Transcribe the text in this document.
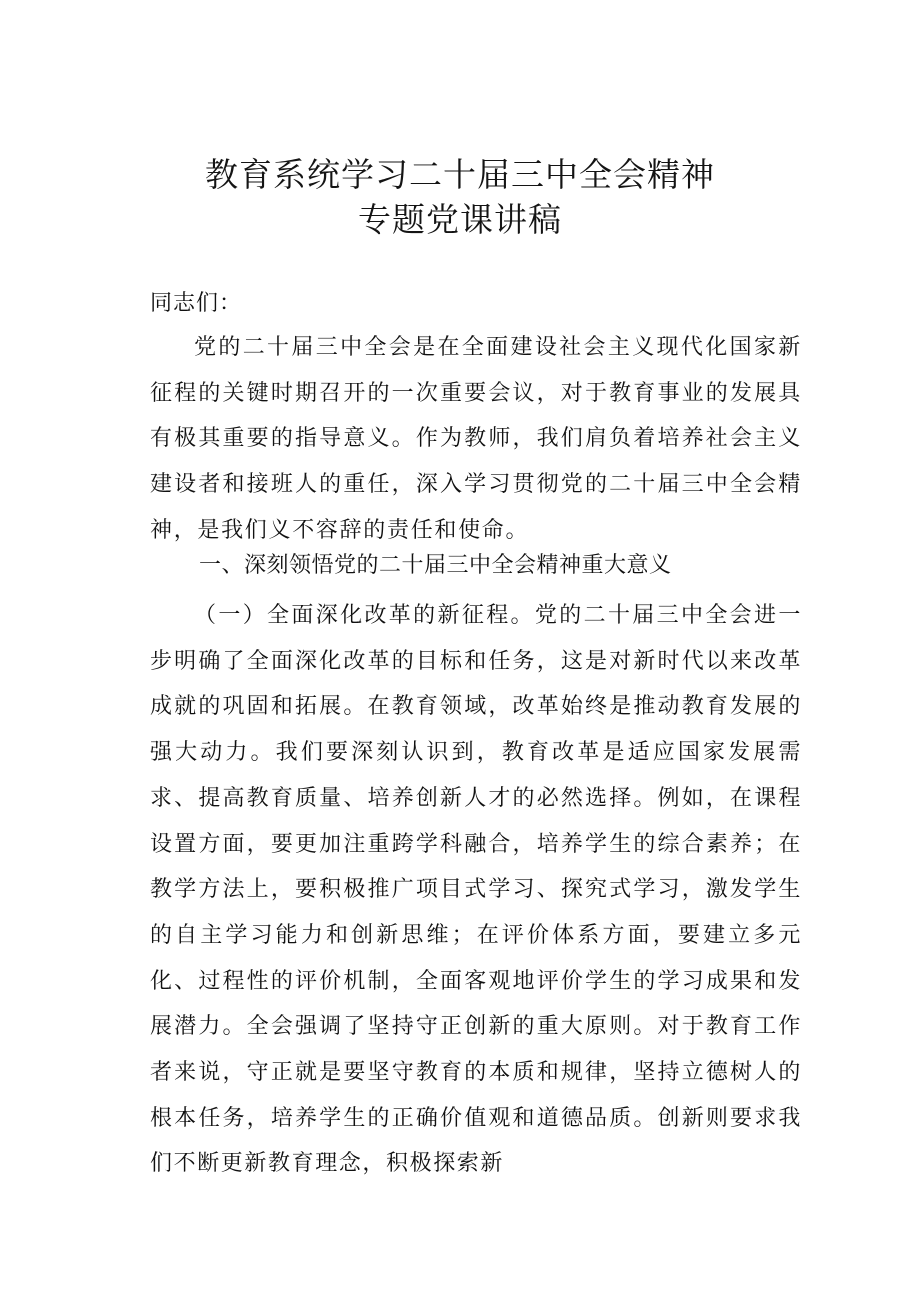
教育系统学习二十届三中全会精神
专题党课讲稿
同志们：
党的二十届三中全会是在全面建设社会主义现代化国家新征程的关键时期召开的一次重要会议，对于教育事业的发展具有极其重要的指导意义。作为教师，我们肩负着培养社会主义建设者和接班人的重任，深入学习贯彻党的二十届三中全会精神，是我们义不容辞的责任和使命。
一、深刻领悟党的二十届三中全会精神重大意义
（一）全面深化改革的新征程。党的二十届三中全会进一步明确了全面深化改革的目标和任务，这是对新时代以来改革成就的巩固和拓展。在教育领域，改革始终是推动教育发展的强大动力。我们要深刻认识到，教育改革是适应国家发展需求、提高教育质量、培养创新人才的必然选择。例如，在课程设置方面，要更加注重跨学科融合，培养学生的综合素养；在教学方法上，要积极推广项目式学习、探究式学习，激发学生的自主学习能力和创新思维；在评价体系方面，要建立多元化、过程性的评价机制，全面客观地评价学生的学习成果和发展潜力。全会强调了坚持守正创新的重大原则。对于教育工作者来说，守正就是要坚守教育的本质和规律，坚持立德树人的根本任务，培养学生的正确价值观和道德品质。创新则要求我们不断更新教育理念，积极探索新
